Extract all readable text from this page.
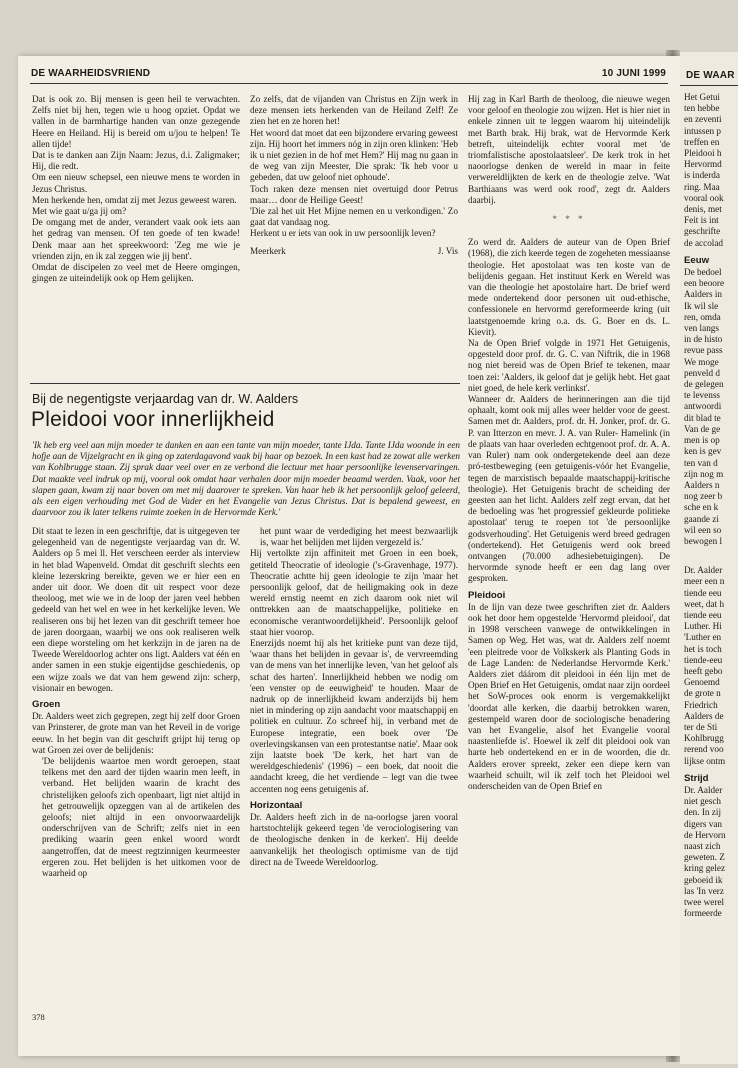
DE WAARHEIDSVRIEND	10 JUNI 1999

Dat is ook zo. Bij mensen is geen heil te verwachten. Zelfs niet bij hen, tegen wie u hoog opziet. Opdat we vallen in de barmhartige handen van onze gezegende Heere en Heiland. Hij is bereid om u/jou te helpen! Te allen tijde!

Dat is te danken aan Zijn Naam: Jezus, d.i. Zaligmaker; Hij, die redt.

Om een nieuw schepsel, een nieuwe mens te worden in Jezus Christus.

Men herkende hen, omdat zij met Jezus geweest waren.

Met wie gaat u/ga jij om?

De omgang met de ander, verandert vaak ook iets aan het gedrag van mensen. Of ten goede of ten kwade! Denk maar aan het spreekwoord: 'Zeg me wie je vrienden zijn, en ik zal zeggen wie jij bent'.

Omdat de discipelen zo veel met de Heere omgingen, gingen ze uiteindelijk ook op Hem gelijken.

Zo zelfs, dat de vijanden van Christus en Zijn werk in deze mensen iets herkenden van de Heiland Zelf! Ze zien het en ze horen het!

Het woord dat moet dat een bijzondere ervaring geweest zijn. Hij hoort het immers nóg in zijn oren klinken: 'Heb ik u niet gezien in de hof met Hem?' Hij mag nu gaan in de weg van zijn Meester, Die sprak: 'Ik heb voor u gebeden, dat uw geloof niet ophoude'.

Toch raken deze mensen niet overtuigd door Petrus maar… door de Heilige Geest!

'Die zal het uit Het Mijne nemen en u verkondigen.' Zo gaat dat vandaag nog.

Herkent u er iets van ook in uw persoonlijk leven?

Meerkerk	J. Vis
Bij de negentigste verjaardag van dr. W. Aalders
Pleidooi voor innerlijkheid
'Ik heb erg veel aan mijn moeder te danken en aan een tante van mijn moeder, tante IJda. Tante IJda woonde in een hofje aan de Vijzelgracht en ik ging op zaterdagavond vaak bij haar op bezoek. In een kast had ze zowat alle werken van Kohlbrugge staan. Zij sprak daar veel over en ze verbond die lectuur met haar persoonlijke levenservaringen. Dat maakte veel indruk op mij, vooral ook omdat haar verhalen door mijn moeder beaamd werden. Vaak, voor het slapen gaan, kwam zij naar boven om met mij daarover te spreken. Van haar heb ik het persoonlijk geloof geleerd, als een eigen verhouding met God de Vader en het Evangelie van Jezus Christus. Dat is bepalend geweest, en daarvoor zou ik later telkens ruimte zoeken in de Hervormde Kerk.'

Dit staat te lezen in een geschriftje, dat is uitgegeven ter gelegenheid van de negentigste verjaardag van dr. W. Aalders op 5 mei ll. Het verscheen eerder als interview in het blad Wapenveld. Omdat dit geschrift slechts een kleine lezerskring bereikte, geven we er hier een en ander uit door. We doen dit uit respect voor deze theoloog, met wie we in de loop der jaren veel hebben gedeeld van het wel en wee in het kerkelijke leven. We realiseren ons bij het lezen van dit geschrift temeer hoe de jaren doorgaan, waarbij we ons ook realiseren welk een diepe worsteling om het kerkzijn in de jaren na de Tweede Wereldoorlog achter ons ligt. Aalders vat één en ander samen in een stukje eigentijdse geschiedenis, op een wijze zoals we dat van hem gewend zijn: scherp, visionair en bewogen.

Groen

Dr. Aalders weet zich gegrepen, zegt hij zelf door Groen van Prinsterer, de grote man van het Reveil in de vorige eeuw. In het begin van dit geschrift grijpt hij terug op wat Groen zei over de belijdenis:

'De belijdenis waartoe men wordt geroepen, staat telkens met den aard der tijden waarin men leeft, in verband. Het belijden waarin de kracht des christelijken geloofs zich openbaart, ligt niet altijd in het getrouwelijk opzeggen van al de artikelen des geloofs; niet altijd in een onvoorwaardelijk onderschrijven van de Schrift; zelfs niet in een prediking waarin geen enkel woord wordt aangetroffen, dat de meest regtzinnigen keurmeester ergeren zou. Het belijden is het uitkomen voor de waarheid op

het punt waar de verdediging het meest bezwaarlijk is, waar het belijden met lijden vergezeld is.'

Hij vertolkte zijn affiniteit met Groen in een boek, getiteld Theocratie of ideologie ('s-Gravenhage, 1977). Theocratie achtte hij geen ideologie te zijn 'maar het persoonlijk geloof, dat de heiligmaking ook in deze wereld ernstig neemt en zich daarom ook niet wil onttrekken aan de maatschappelijke, politieke en economische verantwoordelijkheid'. Persoonlijk geloof staat hier voorop.

Enerzijds noemt hij als het kritieke punt van deze tijd, 'waar thans het belijden in gevaar is', de vervreemding van de mens van het innerlijke leven, 'van het geloof als schat des harten'. Innerlijkheid hebben we nodig om 'een venster op de eeuwigheid' te houden. Maar de nadruk op de innerlijkheid kwam anderzijds bij hem niet in mindering op zijn aandacht voor maatschappij en politiek en cultuur. Zo schreef hij, in verband met de Europese integratie, een boek over 'De overlevingskansen van een protestantse natie'. Maar ook zijn laatste boek 'De kerk, het hart van de wereldgeschiedenis' (1996) – een boek, dat nooit die aandacht kreeg, die het verdiende – legt van die twee accenten nog eens getuigenis af.

Horizontaal

Dr. Aalders heeft zich in de na-oorlogse jaren vooral hartstochtelijk gekeerd tegen 'de verociologisering van de theologische denken in de kerken'. Hij deelde aanvankelijk het theologisch optimisme van de tijd direct na de Tweede Wereldoorlog.

Hij zag in Karl Barth de theoloog, die nieuwe wegen voor geloof en theologie zou wijzen. Het is hier niet in enkele zinnen uit te leggen waarom hij uiteindelijk met Barth brak. Hij brak, wat de Hervormde Kerk betreft, uiteindelijk echter vooral met 'de triomfalistische apostolaatsleer'. De kerk trok in het naoorlogse denken de wereld in maar in feite verwereldlijkten de kerk en de theologie zelve. 'Wat Barthiaans was werd ook rood', zegt dr. Aalders daarbij.

* * *

Zo werd dr. Aalders de auteur van de Open Brief (1968), die zich keerde tegen de zogeheten messiaanse theologie. Het apostolaat was ten koste van de belijdenis gegaan. Het instituut Kerk en Wereld was van die theologie het apostolaire hart. De brief werd mede ondertekend door personen uit oud-ethische, confessionele en hervormd gereformeerde kring (uit laatstgenoemde kring o.a. ds. G. Boer en ds. L. Kievit).

Na de Open Brief volgde in 1971 Het Getuigenis, opgesteld door prof. dr. G. C. van Niftrik, die in 1968 nog niet bereid was de Open Brief te tekenen, maar toen zei: 'Aalders, ik geloof dat je gelijk hebt. Het gaat niet goed, de hele kerk verlinkst'.

Wanneer dr. Aalders de herinneringen aan die tijd ophaalt, komt ook mij alles weer helder voor de geest. Samen met dr. Aalders, prof. dr. H. Jonker, prof. dr. G. P. van Itterzon en mevr. J. A. van Ruler- Hamelink (in de plaats van haar overleden echtgenoot prof. dr. A. A. van Ruler) nam ook ondergetekende deel aan deze pró-testbeweging (een getuigenis-vóór het Evangelie, tegen de marxistisch bepaalde maatschappij-kritische theologie). Het Getuigenis bracht de scheiding der geesten aan het licht. Aalders zelf zegt ervan, dat het de bedoeling was 'het progressief gekleurde politieke apostolaat' terug te roepen tot 'de persoonlijke godsverhouding'. Het Getuigenis werd breed gedragen (ondertekend). Het Getuigenis werd ook breed ontvangen (70.000 adhesiebetuigingen). De hervormde synode heeft er een dag lang over gesproken.

Pleidooi

In de lijn van deze twee geschriften ziet dr. Aalders ook het door hem opgestelde 'Hervormd pleidooi', dat in 1998 verscheen vanwege de ontwikkelingen in Samen op Weg. Het was, wat dr. Aalders zelf noemt 'een pleitrede voor de Volkskerk als Planting Gods in de Lage Landen: de Nederlandse Hervormde Kerk.' Aalders ziet dáárom dit pleidooi in één lijn met de Open Brief en Het Getuigenis, omdat naar zijn oordeel het SoW-proces ook enorm is vergemakkelijkt 'doordat alle kerken, die daarbij betrokken waren, gestempeld waren door de sociologische benadering van het Evangelie, alsof het Evangelie vooral naastenliefde is'. Hoewel ik zelf dit pleidooi ook van harte heb ondertekend en er in de woorden, die dr. Aalders erover spreekt, zeker een diepe kern van waarheid schuilt, wil ik zelf toch het Pleidooi wel onderscheiden van de Open Brief en

378
DE WAAR
Het Getui
ten hebbe
en zeventi
intussen p
treffen en
Pleidooi h
Hervormd
is inderda
ring. Maa
vooral ook
denis, met
Feit is int
geschrifte
de accolad
Eeuw
De bedoel
een beoore
Aalders in
Ik wil sle
ren, omda
ven langs
in de histo
revue pass
We moge
penveld d
de gelegen
te levenss
antwoordi
dit blad te
Van de ge
men is op
ken is gev
ten van d
zijn nog m
Aalders n
nog zeer b
sche en k
gaande zi
wil een so
bewogen l
Dr. Aalder
meer een n
tiende eeu
weet, dat h
tiende eeu
Luther. Hi
'Luther en
het is toch
tiende-eeu
heeft gebo
Genoemd
de grote n
Friedrich
Aalders de
ter de Sti
Kohlbrugg
rerend voo
lijkse ontm
Strijd
Dr. Aalder
niet gesch
den. In zij
digers van
de Hervorn
naast zich
geweten. Z
kring gelez
geboeid ik
las 'In verz
twee werel
formeerde
